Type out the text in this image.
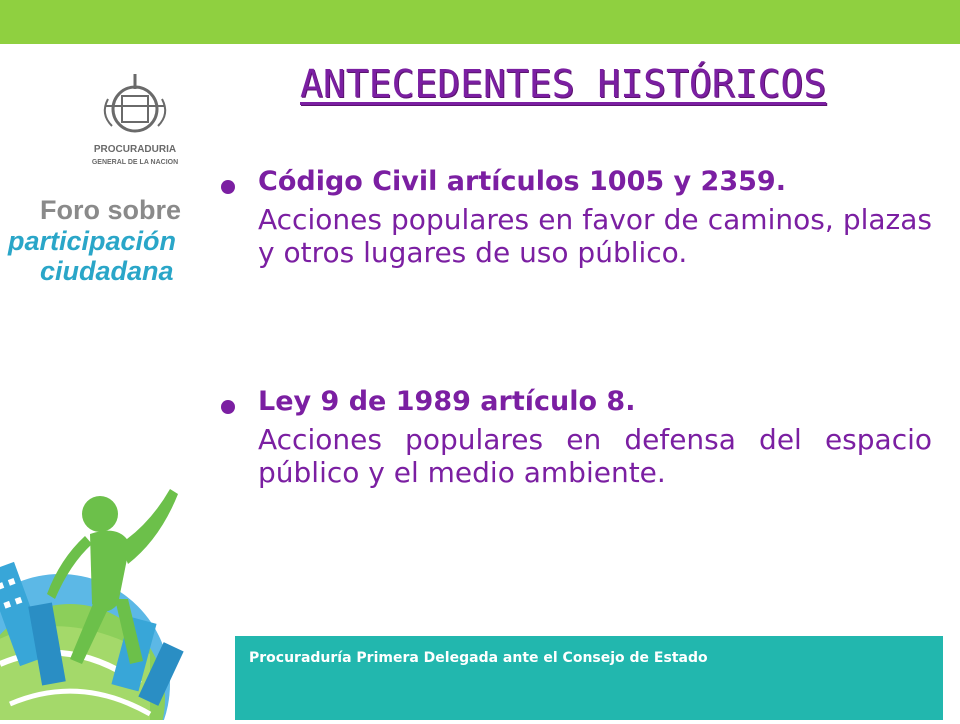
PROCURADURIA
GENERAL DE LA NACION
Foro sobre
participación
ciudadana
ANTECEDENTES HISTÓRICOS

Código Civil artículos 1005 y 2359.

Acciones populares en favor de caminos, plazas y otros lugares de uso público.

Ley 9 de 1989 artículo 8.

Acciones populares en defensa del espacio público y el medio ambiente.

Procuraduría Primera Delegada ante el Consejo de Estado
